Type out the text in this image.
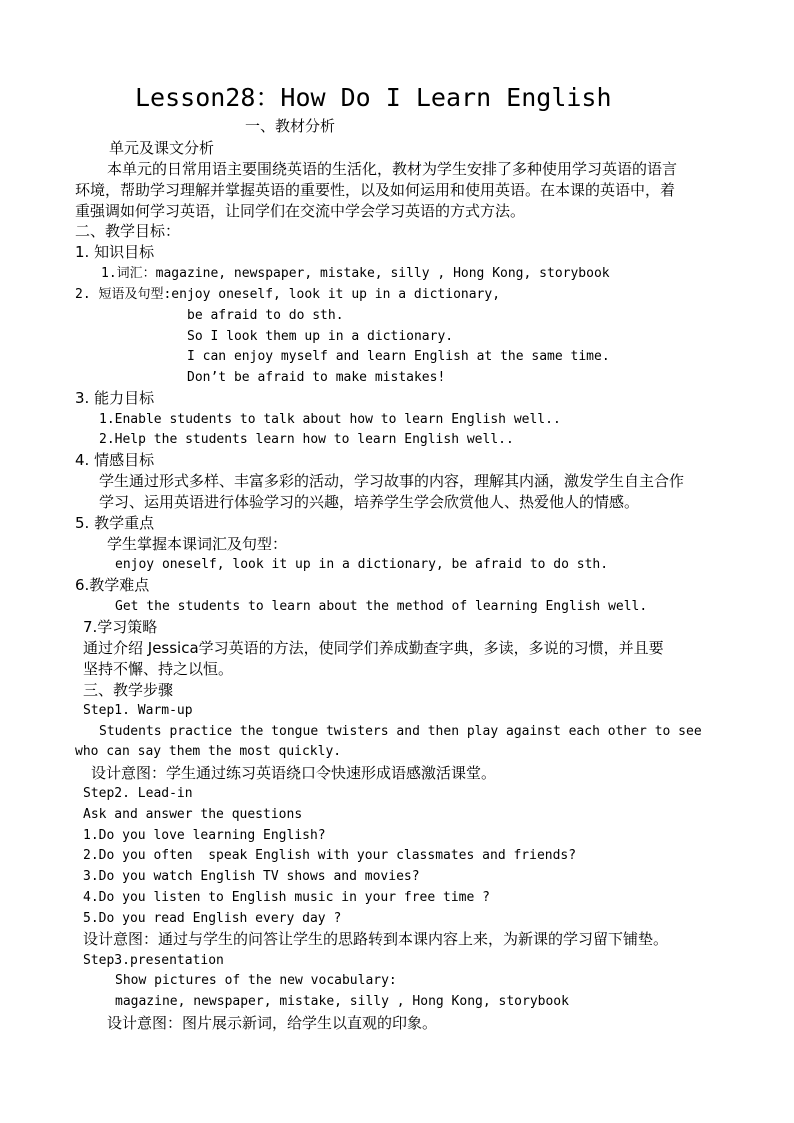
Lesson28：How Do I Learn English
一、教材分析
单元及课文分析
本单元的日常用语主要围绕英语的生活化，教材为学生安排了多种使用学习英语的语言
环境，帮助学习理解并掌握英语的重要性，以及如何运用和使用英语。在本课的英语中，着
重强调如何学习英语，让同学们在交流中学会学习英语的方式方法。
二、教学目标：
1. 知识目标
1.词汇：magazine, newspaper, mistake, silly , Hong Kong, storybook
2. 短语及句型:enjoy oneself, look it up in a dictionary,
be afraid to do sth.
So I look them up in a dictionary.
I can enjoy myself and learn English at the same time.
Don’t be afraid to make mistakes!
3. 能力目标
1.Enable students to talk about how to learn English well..
2.Help the students learn how to learn English well..
4. 情感目标
学生通过形式多样、丰富多彩的活动，学习故事的内容，理解其内涵，激发学生自主合作
学习、运用英语进行体验学习的兴趣，培养学生学会欣赏他人、热爱他人的情感。
5. 教学重点
学生掌握本课词汇及句型：
enjoy oneself, look it up in a dictionary, be afraid to do sth.
6.教学难点
Get the students to learn about the method of learning English well.
7.学习策略
通过介绍 Jessica学习英语的方法，使同学们养成勤查字典，多读，多说的习惯，并且要
坚持不懈、持之以恒。
三、教学步骤
Step1. Warm-up
Students practice the tongue twisters and then play against each other to see
who can say them the most quickly.
设计意图：学生通过练习英语绕口令快速形成语感激活课堂。
Step2. Lead-in
Ask and answer the questions
1.Do you love learning English?
2.Do you often  speak English with your classmates and friends?
3.Do you watch English TV shows and movies?
4.Do you listen to English music in your free time ?
5.Do you read English every day ?
设计意图：通过与学生的问答让学生的思路转到本课内容上来，为新课的学习留下铺垫。
Step3.presentation
Show pictures of the new vocabulary:
magazine, newspaper, mistake, silly , Hong Kong, storybook
设计意图：图片展示新词，给学生以直观的印象。
